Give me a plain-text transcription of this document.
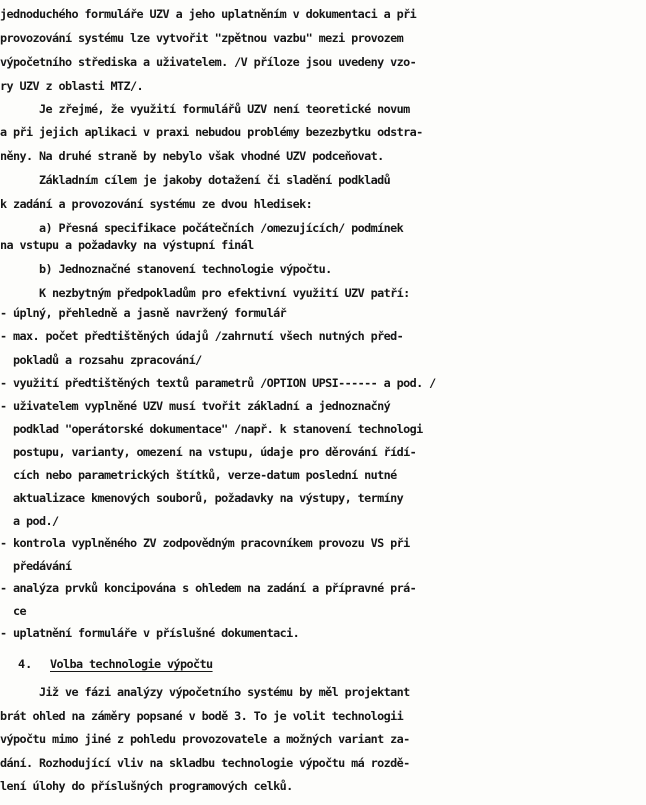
jednoduchého formuláře UZV a jeho uplatněním v dokumentaci a při
provozování systému lze vytvořit "zpětnou vazbu" mezi provozem
výpočetního střediska a uživatelem. /V příloze jsou uvedeny vzo-
ry UZV z oblasti MTZ/.
Je zřejmé, že využití formulářů UZV není teoretické novum
a při jejich aplikaci v praxi nebudou problémy bezezbytku odstra-
něny. Na druhé straně by nebylo však vhodné UZV podceňovat.
Základním cílem je jakoby dotažení či sladění podkladů
k zadání a provozování systému ze dvou hledisek:
a) Přesná specifikace počátečních /omezujících/ podmínek
na vstupu a požadavky na výstupní finál
b) Jednoznačné stanovení technologie výpočtu.
K nezbytným předpokladům pro efektivní využití UZV patří:
- úplný, přehledně a jasně navržený formulář
- max. počet předtištěných údajů /zahrnutí všech nutných před-
pokladů a rozsahu zpracování/
- využití předtištěných textů parametrů /OPTION UPSI------ a pod. /
- uživatelem vyplněné UZV musí tvořit základní a jednoznačný
podklad "operátorské dokumentace" /např. k stanovení technologi
postupu, varianty, omezení na vstupu, údaje pro děrování řídí-
cích nebo parametrických štítků, verze-datum poslední nutné
aktualizace kmenových souborů, požadavky na výstupy, termíny
a pod./
- kontrola vyplněného ZV zodpovědným pracovníkem provozu VS při
předávání
- analýza prvků koncipována s ohledem na zadání a přípravné prá-
ce
- uplatnění formuláře v příslušné dokumentaci.
4. Volba technologie výpočtu
Již ve fázi analýzy výpočetního systému by měl projektant
brát ohled na záměry popsané v bodě 3. To je volit technologii
výpočtu mimo jiné z pohledu provozovatele a možných variant za-
dání. Rozhodující vliv na skladbu technologie výpočtu má rozdě-
lení úlohy do příslušných programových celků.
